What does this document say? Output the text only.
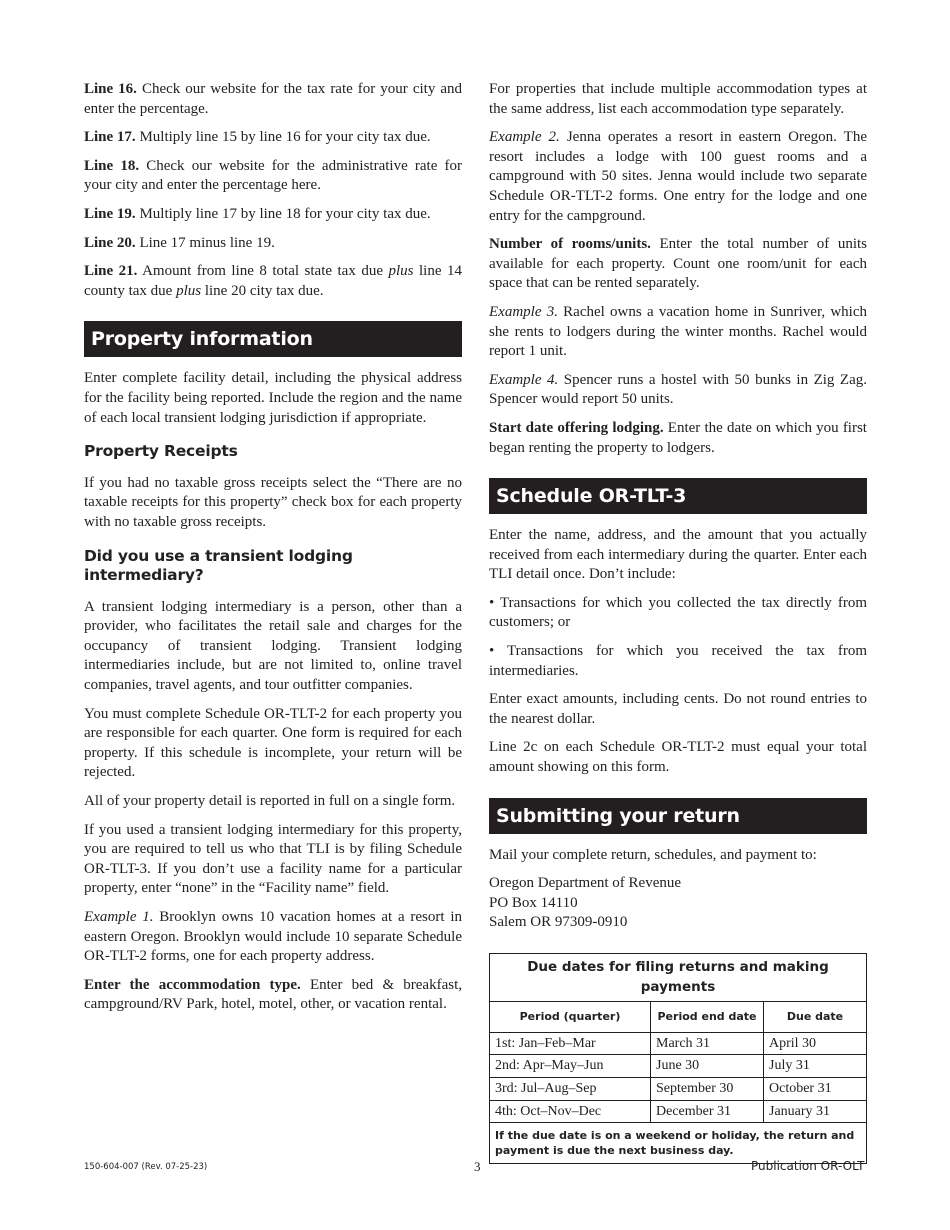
Line 16. Check our website for the tax rate for your city and enter the percentage.

Line 17. Multiply line 15 by line 16 for your city tax due.

Line 18. Check our website for the administrative rate for your city and enter the percentage here.

Line 19. Multiply line 17 by line 18 for your city tax due.

Line 20. Line 17 minus line 19.

Line 21. Amount from line 8 total state tax due plus line 14 county tax due plus line 20 city tax due.

Property information

Enter complete facility detail, including the physical address for the facility being reported. Include the region and the name of each local transient lodging jurisdiction if appropriate.

Property Receipts

If you had no taxable gross receipts select the “There are no taxable receipts for this property” check box for each property with no taxable gross receipts.

Did you use a transient lodging intermediary?

A transient lodging intermediary is a person, other than a provider, who facilitates the retail sale and charges for the occupancy of transient lodging. Transient lodging intermediaries include, but are not limited to, online travel companies, travel agents, and tour outfitter companies.

You must complete Schedule OR-TLT-2 for each property you are responsible for each quarter. One form is required for each property. If this schedule is incomplete, your return will be rejected.

All of your property detail is reported in full on a single form.

If you used a transient lodging intermediary for this property, you are required to tell us who that TLI is by filing Schedule OR-TLT-3. If you don’t use a facility name for a particular property, enter “none” in the “Facility name” field.

Example 1. Brooklyn owns 10 vacation homes at a resort in eastern Oregon. Brooklyn would include 10 separate Schedule OR-TLT-2 forms, one for each property address.

Enter the accommodation type. Enter bed & breakfast, campground/RV Park, hotel, motel, other, or vacation rental.

For properties that include multiple accommodation types at the same address, list each accommodation type separately.

Example 2. Jenna operates a resort in eastern Oregon. The resort includes a lodge with 100 guest rooms and a campground with 50 sites. Jenna would include two separate Schedule OR-TLT-2 forms. One entry for the lodge and one entry for the campground.

Number of rooms/units. Enter the total number of units available for each property. Count one room/unit for each space that can be rented separately.

Example 3. Rachel owns a vacation home in Sunriver, which she rents to lodgers during the winter months. Rachel would report 1 unit.

Example 4. Spencer runs a hostel with 50 bunks in Zig Zag. Spencer would report 50 units.

Start date offering lodging. Enter the date on which you first began renting the property to lodgers.

Schedule OR-TLT-3

Enter the name, address, and the amount that you actually received from each intermediary during the quarter. Enter each TLI detail once. Don’t include:

• Transactions for which you collected the tax directly from customers; or

• Transactions for which you received the tax from intermediaries.

Enter exact amounts, including cents. Do not round entries to the nearest dollar.

Line 2c on each Schedule OR-TLT-2 must equal your total amount showing on this form.

Submitting your return

Mail your complete return, schedules, and payment to:

Oregon Department of Revenue

PO Box 14110

Salem OR 97309-0910

Due dates for filing returns and making payments		
Period (quarter)	Period end date	Due date
1st: Jan–Feb–Mar	March 31	April 30
2nd: Apr–May–Jun	June 30	July 31
3rd: Jul–Aug–Sep	September 30	October 31
4th: Oct–Nov–Dec	December 31	January 31
If the due date is on a weekend or holiday, the return and payment is due the next business day.		
150-604-007 (Rev. 07-25-23)	3	Publication OR-OLT
